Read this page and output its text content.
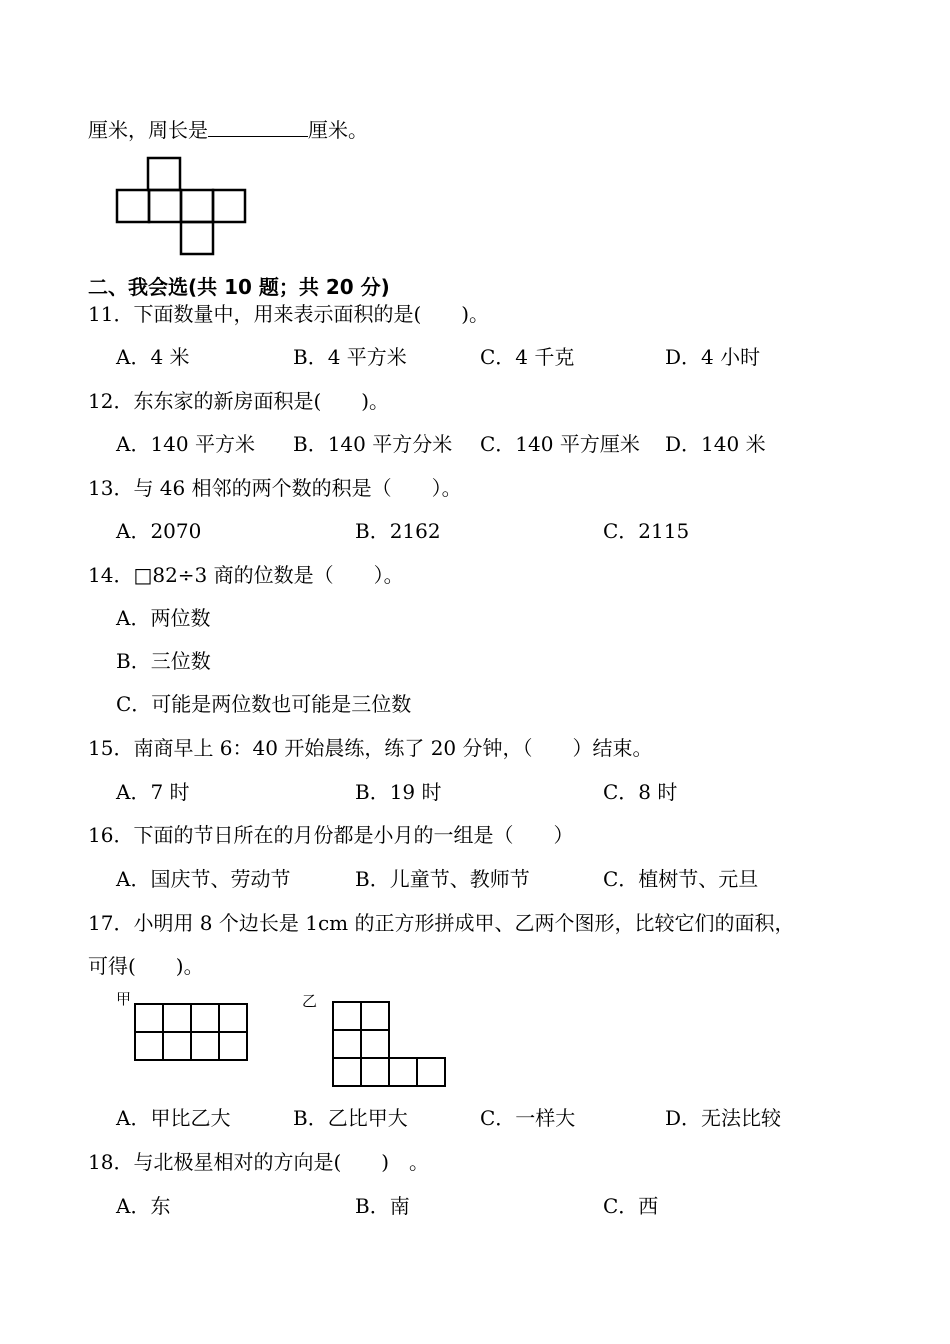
厘米，周长是	厘米。
二、我会选(共 10 题；共 20 分)
11．下面数量中，用来表示面积的是(　　)。
A．4 米	B．4 平方米	C．4 千克	D．4 小时
12．东东家的新房面积是(　　)。
A．140 平方米 B．140 平方分米 C．140 平方厘米 D．140 米
13．与 46 相邻的两个数的积是（　　）。
A．2070	B．2162	C．2115
14．□82÷3 商的位数是（　　）。
A．两位数
B．三位数
C．可能是两位数也可能是三位数
15．南商早上 6：40 开始晨练，练了 20 分钟，（　　）结束。
A．7 时	B．19 时	C．8 时
16．下面的节日所在的月份都是小月的一组是（　　）
A．国庆节、劳动节	B．儿童节、教师节	C．植树节、元旦
17．小明用 8 个边长是 1cm 的正方形拼成甲、乙两个图形，比较它们的面积，
可得(　　)。
甲	乙
A．甲比乙大	B．乙比甲大	C．一样大	D．无法比较
18．与北极星相对的方向是(　　)　。
A．东	B．南	C．西
